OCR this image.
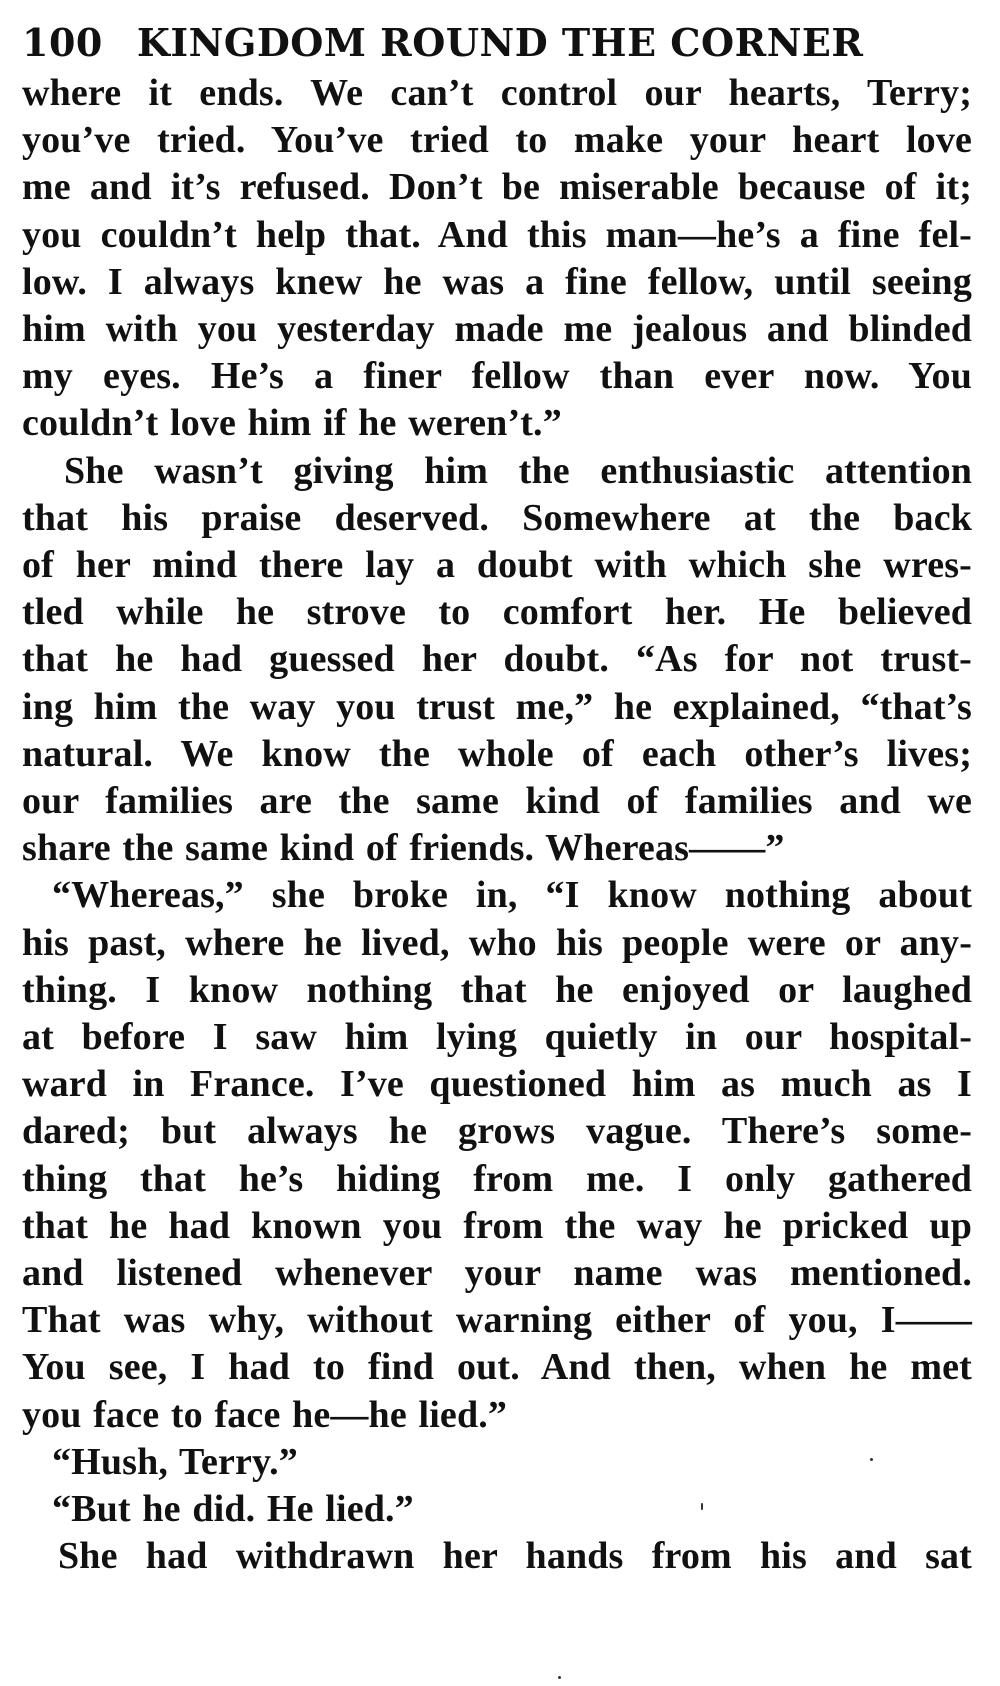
100 KINGDOM ROUND THE CORNER
where it ends. We can’t control our hearts, Terry;
you’ve tried. You’ve tried to make your heart love
me and it’s refused. Don’t be miserable because of it;
you couldn’t help that. And this man—he’s a fine fel-
low. I always knew he was a fine fellow, until seeing
him with you yesterday made me jealous and blinded
my eyes. He’s a finer fellow than ever now. You
couldn’t love him if he weren’t.”
She wasn’t giving him the enthusiastic attention
that his praise deserved. Somewhere at the back
of her mind there lay a doubt with which she wres-
tled while he strove to comfort her. He believed
that he had guessed her doubt. “As for not trust-
ing him the way you trust me,” he explained, “that’s
natural. We know the whole of each other’s lives;
our families are the same kind of families and we
share the same kind of friends. Whereas——”
“Whereas,” she broke in, “I know nothing about
his past, where he lived, who his people were or any-
thing. I know nothing that he enjoyed or laughed
at before I saw him lying quietly in our hospital-
ward in France. I’ve questioned him as much as I
dared; but always he grows vague. There’s some-
thing that he’s hiding from me. I only gathered
that he had known you from the way he pricked up
and listened whenever your name was mentioned.
That was why, without warning either of you, I——
You see, I had to find out. And then, when he met
you face to face he—he lied.”
“Hush, Terry.”
“But he did. He lied.”
She had withdrawn her hands from his and sat
